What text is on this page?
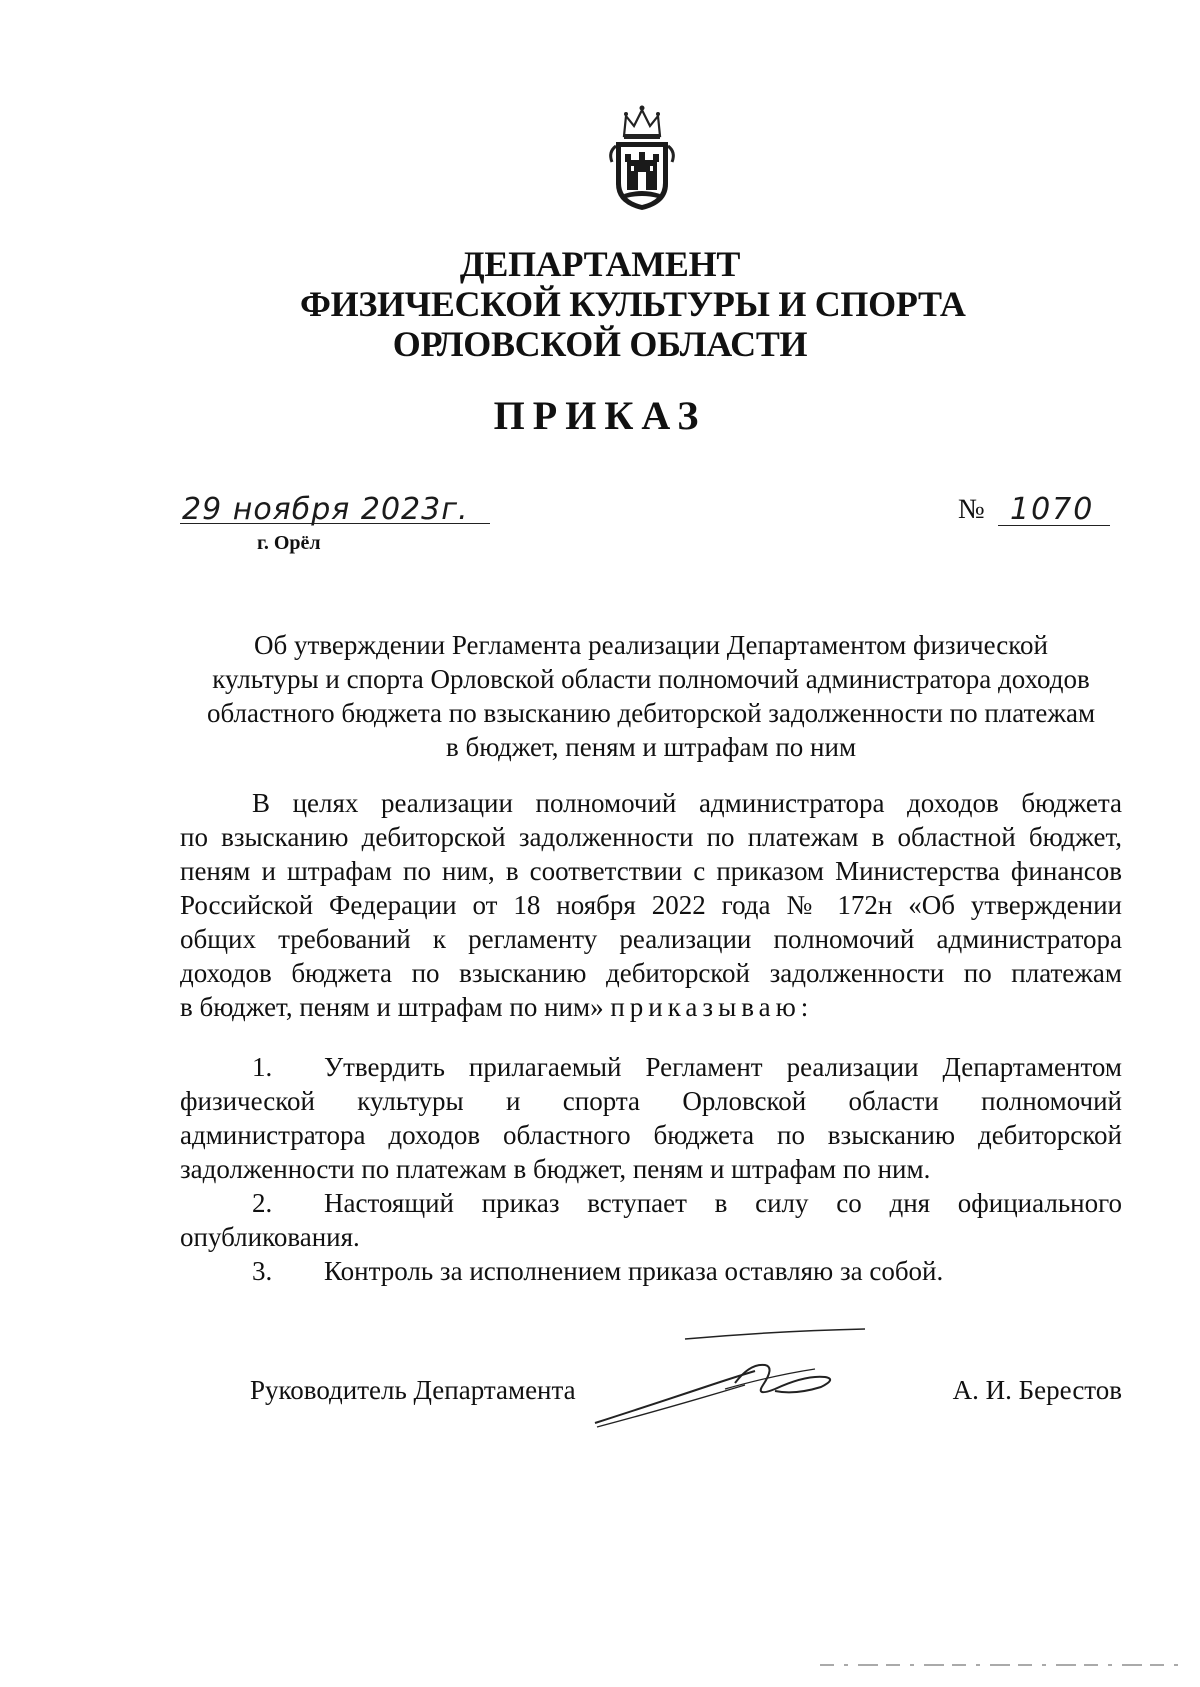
ДЕПАРТАМЕНТ
ФИЗИЧЕСКОЙ КУЛЬТУРЫ И СПОРТА
ОРЛОВСКОЙ ОБЛАСТИ
ПРИКАЗ
29 ноября 2023г.
г. Орёл
№ 1070
Об утверждении Регламента реализации Департаментом физической
культуры и спорта Орловской области полномочий администратора доходов
областного бюджета по взысканию дебиторской задолженности по платежам
в бюджет, пеням и штрафам по ним
В целях реализации полномочий администратора доходов бюджета
по взысканию дебиторской задолженности по платежам в областной бюджет,
пеням и штрафам по ним, в соответствии с приказом Министерства финансов
Российской Федерации от 18 ноября 2022 года № 172н «Об утверждении
общих требований к регламенту реализации полномочий администратора
доходов бюджета по взысканию дебиторской задолженности по платежам
в бюджет, пеням и штрафам по ним» приказываю:
1. Утвердить прилагаемый Регламент реализации Департаментом
физической культуры и спорта Орловской области полномочий
администратора доходов областного бюджета по взысканию дебиторской
задолженности по платежам в бюджет, пеням и штрафам по ним.
2. Настоящий приказ вступает в силу со дня официального
опубликования.
3. Контроль за исполнением приказа оставляю за собой.
Руководитель Департамента	А. И. Берестов
